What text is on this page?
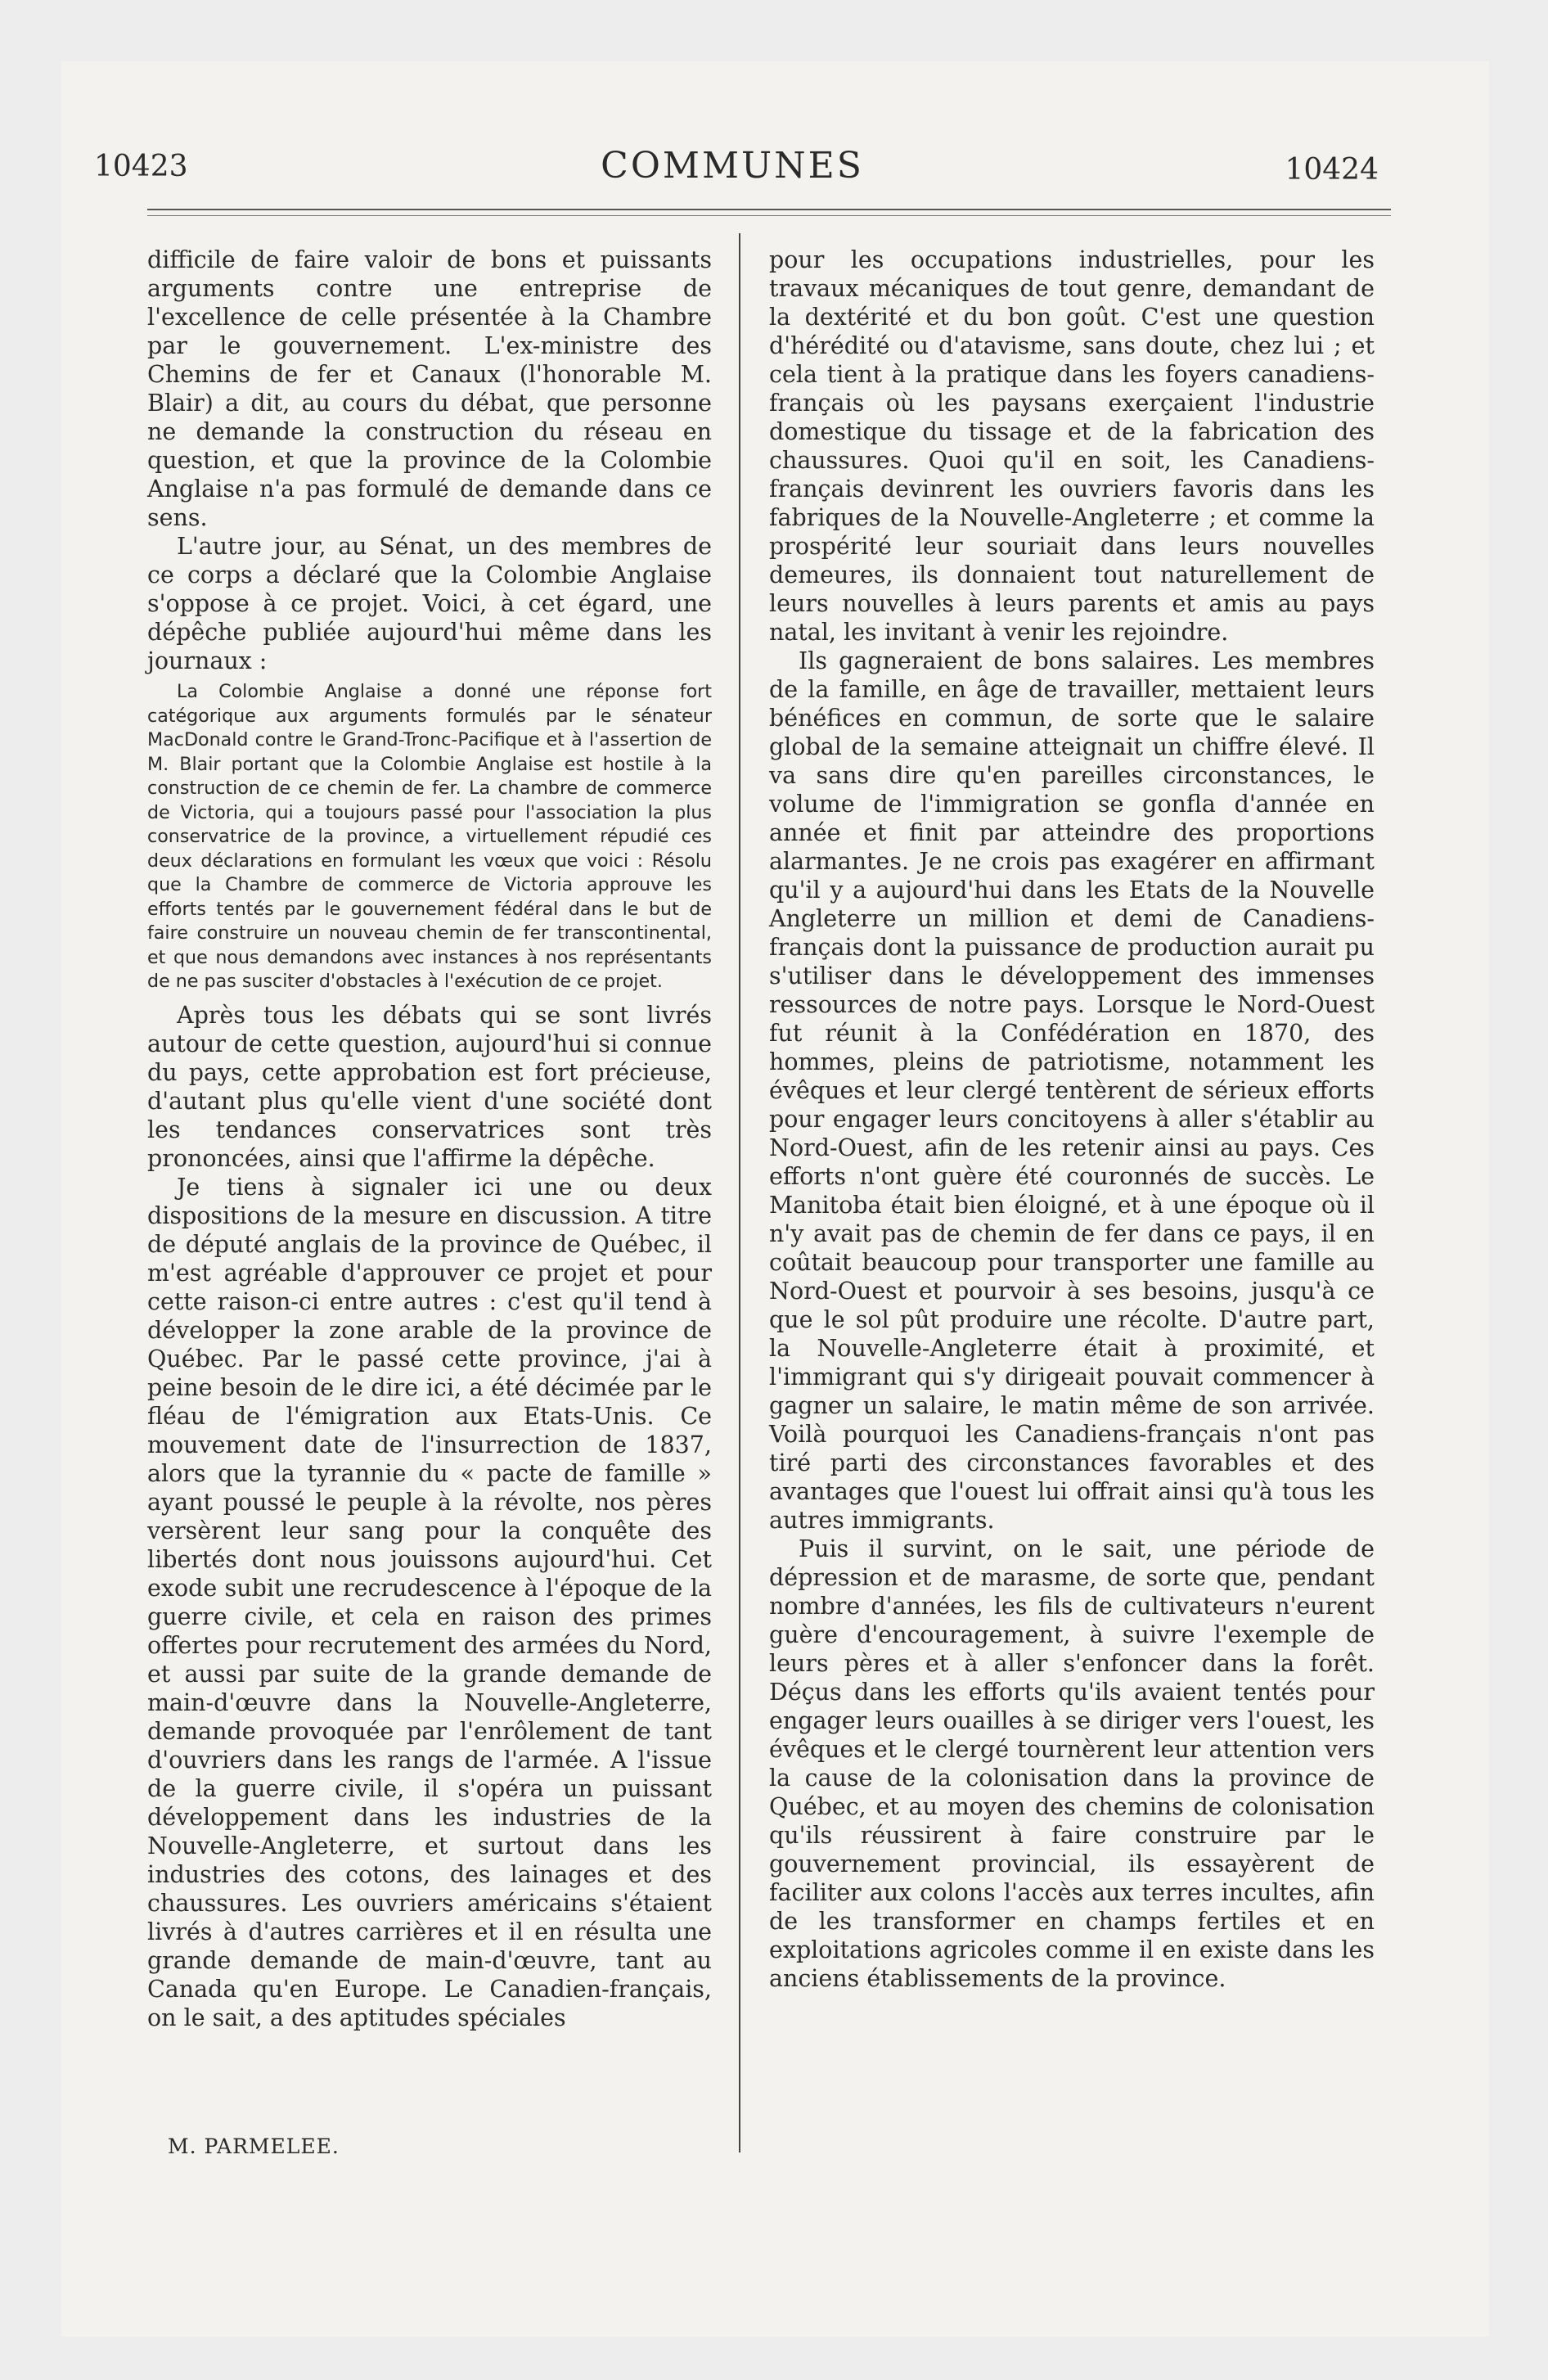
10423	COMMUNES	10424

difficile de faire valoir de bons et puissants arguments contre une entreprise de l'excellence de celle présentée à la Chambre par le gouvernement. L'ex-ministre des Chemins de fer et Canaux (l'honorable M. Blair) a dit, au cours du débat, que personne ne demande la construction du réseau en question, et que la province de la Colombie Anglaise n'a pas formulé de demande dans ce sens.

L'autre jour, au Sénat, un des membres de ce corps a déclaré que la Colombie Anglaise s'oppose à ce projet. Voici, à cet égard, une dépêche publiée aujourd'hui même dans les journaux :

La Colombie Anglaise a donné une réponse fort catégorique aux arguments formulés par le sénateur MacDonald contre le Grand-Tronc-Pacifique et à l'assertion de M. Blair portant que la Colombie Anglaise est hostile à la construction de ce chemin de fer. La chambre de commerce de Victoria, qui a toujours passé pour l'association la plus conservatrice de la province, a virtuellement répudié ces deux déclarations en formulant les vœux que voici : Résolu que la Chambre de commerce de Victoria approuve les efforts tentés par le gouvernement fédéral dans le but de faire construire un nouveau chemin de fer transcontinental, et que nous demandons avec instances à nos représentants de ne pas susciter d'obstacles à l'exécution de ce projet.

Après tous les débats qui se sont livrés autour de cette question, aujourd'hui si connue du pays, cette approbation est fort précieuse, d'autant plus qu'elle vient d'une société dont les tendances conservatrices sont très prononcées, ainsi que l'affirme la dépêche.

Je tiens à signaler ici une ou deux dispositions de la mesure en discussion. A titre de député anglais de la province de Québec, il m'est agréable d'approuver ce projet et pour cette raison-ci entre autres : c'est qu'il tend à développer la zone arable de la province de Québec. Par le passé cette province, j'ai à peine besoin de le dire ici, a été décimée par le fléau de l'émigration aux Etats-Unis. Ce mouvement date de l'insurrection de 1837, alors que la tyrannie du « pacte de famille » ayant poussé le peuple à la révolte, nos pères versèrent leur sang pour la conquête des libertés dont nous jouissons aujourd'hui. Cet exode subit une recrudescence à l'époque de la guerre civile, et cela en raison des primes offertes pour recrutement des armées du Nord, et aussi par suite de la grande demande de main-d'œuvre dans la Nouvelle-Angleterre, demande provoquée par l'enrôlement de tant d'ouvriers dans les rangs de l'armée. A l'issue de la guerre civile, il s'opéra un puissant développement dans les industries de la Nouvelle-Angleterre, et surtout dans les industries des cotons, des lainages et des chaussures. Les ouvriers américains s'étaient livrés à d'autres carrières et il en résulta une grande demande de main-d'œuvre, tant au Canada qu'en Europe. Le Canadien-français, on le sait, a des aptitudes spéciales

pour les occupations industrielles, pour les travaux mécaniques de tout genre, demandant de la dextérité et du bon goût. C'est une question d'hérédité ou d'atavisme, sans doute, chez lui ; et cela tient à la pratique dans les foyers canadiens-français où les paysans exerçaient l'industrie domestique du tissage et de la fabrication des chaussures. Quoi qu'il en soit, les Canadiens-français devinrent les ouvriers favoris dans les fabriques de la Nouvelle-Angleterre ; et comme la prospérité leur souriait dans leurs nouvelles demeures, ils donnaient tout naturellement de leurs nouvelles à leurs parents et amis au pays natal, les invitant à venir les rejoindre.

Ils gagneraient de bons salaires. Les membres de la famille, en âge de travailler, mettaient leurs bénéfices en commun, de sorte que le salaire global de la semaine atteignait un chiffre élevé. Il va sans dire qu'en pareilles circonstances, le volume de l'immigration se gonfla d'année en année et finit par atteindre des proportions alarmantes. Je ne crois pas exagérer en affirmant qu'il y a aujourd'hui dans les Etats de la Nouvelle Angleterre un million et demi de Canadiens-français dont la puissance de production aurait pu s'utiliser dans le développement des immenses ressources de notre pays. Lorsque le Nord-Ouest fut réunit à la Confédération en 1870, des hommes, pleins de patriotisme, notamment les évêques et leur clergé tentèrent de sérieux efforts pour engager leurs concitoyens à aller s'établir au Nord-Ouest, afin de les retenir ainsi au pays. Ces efforts n'ont guère été couronnés de succès. Le Manitoba était bien éloigné, et à une époque où il n'y avait pas de chemin de fer dans ce pays, il en coûtait beaucoup pour transporter une famille au Nord-Ouest et pourvoir à ses besoins, jusqu'à ce que le sol pût produire une récolte. D'autre part, la Nouvelle-Angleterre était à proximité, et l'immigrant qui s'y dirigeait pouvait commencer à gagner un salaire, le matin même de son arrivée. Voilà pourquoi les Canadiens-français n'ont pas tiré parti des circonstances favorables et des avantages que l'ouest lui offrait ainsi qu'à tous les autres immigrants.

Puis il survint, on le sait, une période de dépression et de marasme, de sorte que, pendant nombre d'années, les fils de cultivateurs n'eurent guère d'encouragement, à suivre l'exemple de leurs pères et à aller s'enfoncer dans la forêt. Déçus dans les efforts qu'ils avaient tentés pour engager leurs ouailles à se diriger vers l'ouest, les évêques et le clergé tournèrent leur attention vers la cause de la colonisation dans la province de Québec, et au moyen des chemins de colonisation qu'ils réussirent à faire construire par le gouvernement provincial, ils essayèrent de faciliter aux colons l'accès aux terres incultes, afin de les transformer en champs fertiles et en exploitations agricoles comme il en existe dans les anciens établissements de la province.

M. PARMELEE.
